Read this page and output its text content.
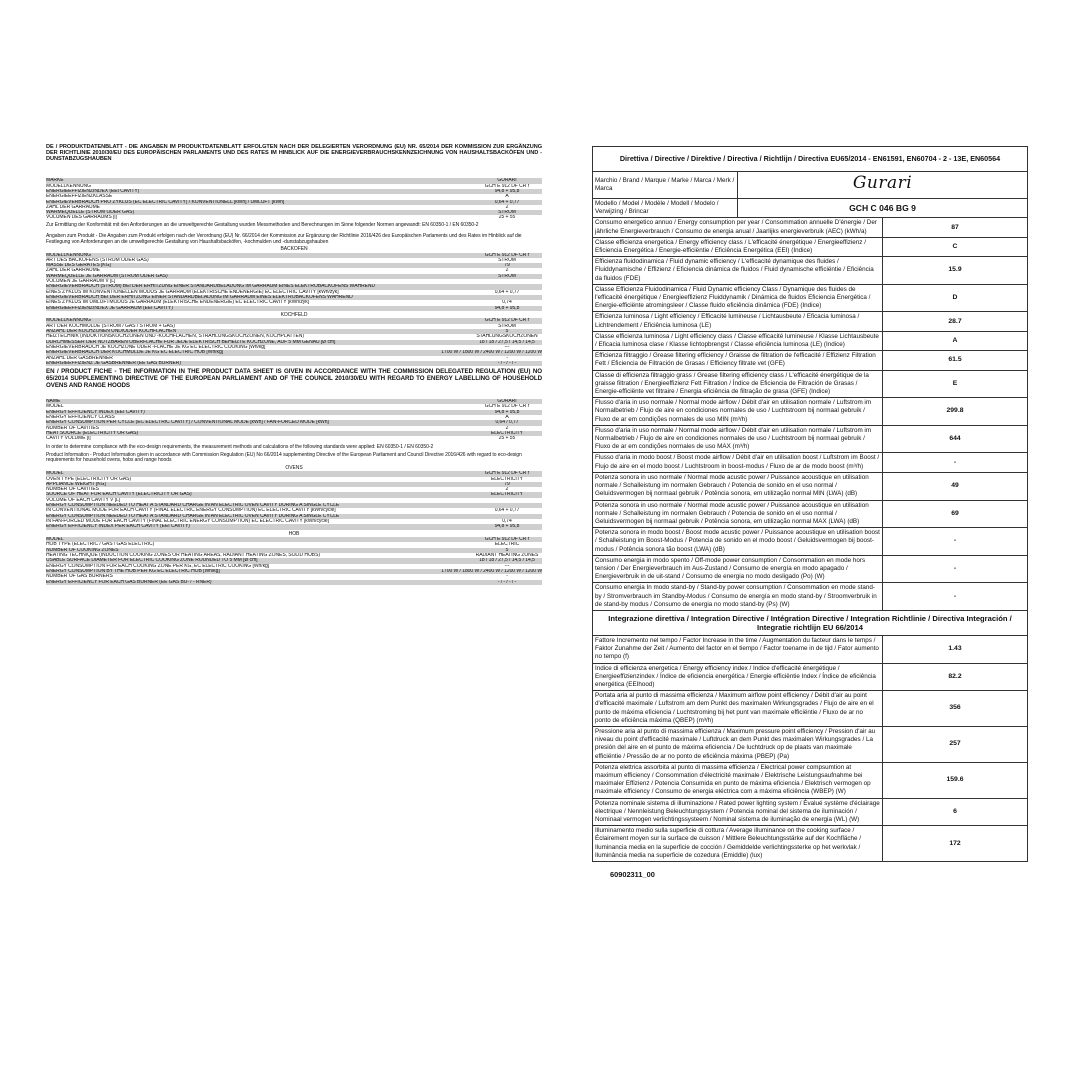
DE / PRODUKTDATENBLATT - DIE ANGABEN IM PRODUKTDATENBLATT ERFOLGTEN NACH DER DELEGIERTEN VERORDNUNG (EU) NR. 65/2014 DER KOMMISSION ZUR ERGÄNZUNG DER RICHTLINIE 2010/30/EU DES EUROPÄISCHEN PARLAMENTS UND DES RATES IM HINBLICK AUF DIE ENERGIEVERBRAUCHSKENNZEICHNUNG VON HAUSHALTSBACKÖFEN UND -DUNSTABZUGSHAUBEN
MARKE	GURARI
MODELLKENNUNG	GCH E 912 DF CR r
ENERGIEEFFIZIENZINDEX (EEI CAVITY)	94,8 + 95,8
ENERGIEEFFIZIENZKLASSE	A
ENERGIEVERBRAUCH PRO ZYKLUS (EC ELECTRIC CAVITY) / KONVENTIONELL [kWh] / UMLUFT [kWh]	0,64 + 0,77
ZAHL DER GARRAUME	2
WÄRMEQUELLE (STROM ODER GAS)	STROM
VOLUMEN DES GARRAUMS [l]	25 + 55
Zur Ermittlung der Konformität mit den Anforderungen an die umweltgerechte Gestaltung wurden Messmethoden und Berechnungen im Sinne folgender Normen angewandt: EN 60350-1 / EN 60350-2
Angaben zum Produkt - Die Angaben zum Produkt erfolgen nach der Verordnung (EU) Nr. 66/2014 der Kommission zur Ergänzung der Richtlinie 2016/426 des Europäischen Parlaments und des Rates im Hinblick auf die Festlegung von Anforderungen an die umweltgerechte Gestaltung von Haushaltsbacköfen, -kochmulden und -dunstabzugshauben
BACKOFEN
MODELLKENNUNG	GCH E 912 DF CR r
ART DES BACKOFENS (STROM ODER GAS)	STROM
MASSE DES GERÄTES [KG]	79
ZAHL DER GARRÄUME	2
WÄRMEQUELLE JE GARRAUM (STROM ODER GAS)	STROM
VOLUMEN JE GARRAUM V [L]
ENERGIEVERBRAUCH (STROM) BEI DER ERHITZUNG EINER STANDARDBELADUNG IM GARRAUM EINES ELEKTROBACKOFENS WÄHREND
EINES ZYKLUS IM KONVENTIONELLEN MODUS JE GARRAUM (ELEKTRISCHE ENDENERGIE) EC ELECTRIC CAVITY [kWh/zyk]	0,64 + 0,77
ENERGIEVERBRAUCH BEI DER ERHITZUNG EINER STANDARDBELADUNG IM GARRAUM EINES ELEKTROBACKOFENS WÄHREND
EINES ZYKLUS IM UMLUFTMODUS JE GARRAUM (ELEKTRISCHE ENDENERGIE) EC ELECTRIC CAVITY [kWh/zyk]	0,74
ENERGIEEFFIZIENZINDEX JE GARRAUM (EEI CAVITY)	94,8 + 95,8
KOCHFELD
MODELLKENNUNG	GCH E 912 DF CR r
ART DER KOCHMULDE (STROM / GAS / STROM + GAS)	STROM
ANZAHL DER KOCHZONEN UND/ODER KOCHFLÄCHEN	5
HEIZTECHNIK (INDUKTIONSKOCHZONEN UND -KOCHFLÄCHEN, STRAHLUNGSKOCHZONEN, KOCHPLATTEN)	STAHLUNGSKOCHZONEN
DURCHMESSER DER NUTZBAREN OBERFLÄCHE FÜR JEDE ELEKTRISCH BEHEIZTE KOCHZONE, AUF 5 MM GENAU [Ø cm]	18 / 18 / 27,5 / 14,5 / 14,5
ENERGIEVERBRAUCH JE KOCHZONE ODER -FLÄCHE JE KG EC ELECTRIC COOKING [Wh/kg]	---
ENERGIEVERBRAUCH DER KOCHMULDE JE KG EC ELECTRIC HOB [Wh/kg]	1700 W / 1800 W / 2400 W / 1200 W / 1200 W
ANZAHL DER GASBRENNER	-
ENERGIEEFFIZIENZ JE GASBRENNER (EE GAS BURNER)	- / - / - / -
EN / PRODUCT FICHE - THE INFORMATION IN THE PRODUCT DATA SHEET IS GIVEN IN ACCORDANCE WITH THE COMMISSION DELEGATED REGULATION (EU) NO 65/2014 SUPPLEMENTING DIRECTIVE OF THE EUROPEAN PARLIAMENT AND OF THE COUNCIL 2010/30/EU WITH REGARD TO ENERGY LABELLING OF HOUSEHOLD OVENS AND RANGE HOODS
NAME	GURARI
MODEL	GCH E 912 DF CR r
ENERGY EFFICIENCY INDEX (EEI CAVITY)	94,8 + 95,8
ENERGY EFFICIENCY CLASS	A
ENERGY CONSUMPTION PER CYCLE (EC ELECTRIC CAVITY) / CONVENTIONAL MODE [kWh] / FAN-FORCED MODE [kWh]	0,64 / 0,77
NUMBER OF CAVITIES	2
HEAT SOURCE (ELECTRICITY OR GAS)	ELECTRICITY
CAVITY VOLUME [l]	25 + 55
In order to determine compliance with the eco-design requirements, the measurement methods and calculations of the following standards were applied: EN 60350-1 / EN 60350-2
Product Information - Product Information given in accordance with Commission Regulation (EU) No 66/2014 supplementing Directive of the European Parliament and Council Directive 2016/426 with regard to eco-design requirements for household ovens, hobs and range hoods
OVENS
MODEL	GCH E 912 DF CR r
OVEN TYPE (ELECTRICITY OR GAS)	ELECTRICITY
APPLIANCE WEIGHT [KG]	79
NUMBER OF CAVITIES	2
SOURCE OF HEAT FOR EACH CAVITY (ELECTRICITY OR GAS)	ELECTRICITY
VOLUME OF EACH CAVITY V [L]
ENERGY CONSUMPTION NEEDED TO HEAT A STANDARD CHARGE IN AN ELECTRIC OVEN CAVITY DURING A SINGLE CYCLE
IN CONVENTIONAL MODE FOR EACH CAVITY (FINAL ELECTRIC ENERGY CONSUMPTION) EC ELECTRIC CAVITY [kWh/cycle]	0,64 + 0,77
ENERGY CONSUMPTION NEEDED TO HEAT A STANDARD CHARGE IN AN ELECTRIC OVEN CAVITY DURING A SINGLE CYCLE
IN FAN-FORCED MODE FOR EACH CAVITY (FINAL ELECTRIC ENERGY CONSUMPTION) EC ELECTRIC CAVITY [kWh/cycle]	0,74
ENERGY EFFICIENCY INDEX PER EACH CAVITY (EEI CAVITY)	94,8 + 95,8
HOB
MODEL	GCH E 912 DF CR r
HOB TYPE (ELECTRIC / GAS / GAS ELECTRIC)	ELECTRIC
NUMBER OF COOKING ZONES	5
HEATING TECHNIQUE (INDUCTION COOKING ZONES OR HEATING AREAS, RADIANT HEATING ZONES, SOLID HOBS)	RADIANT HEATING ZONES
USABLE SURFACE DIAMETER FOR ELECTRIC COOKING ZONE ROUNDED TO 5 MM [Ø cm]	18 / 18 / 27,5 / 14,5 / 14,5
ENERGY CONSUMPTION FOR EACH COOKING ZONE PER KG, EC ELECTRIC COOKING [Wh/kg]	---
ENERGY CONSUMPTION BY THE HOB PER KG EC ELECTRIC HOB [Wh/kg]	1700 W / 1800 W / 2400 W / 1200 W / 1200 W
NUMBER OF GAS BURNERS	-
ENERGY EFFICIENCY FOR EACH GAS BURNER (EE GAS BU- / - RNER)	- / - / - / -
Direttiva / Directive / Direktive / Directiva / Richtlijn / Directiva EU65/2014 - EN61591, EN60704 - 2 - 13E, EN60564		
Marchio / Brand / Marque / Marke / Marca / Merk / Marca	Gurari	
Modello / Model / Modèle / Modell / Modelo / Verwijzing / Brincar	GCH C 046 BG 9	
Consumo energetico annuo / Energy consumption per year / Consommation annuelle D'énergie / Der jährliche Energieverbrauch / Consumo de energia anual / Jaarlijks energieverbruik (AEC) (kWh/a)		87
Classe efficienza energetica / Energy efficiency class / L'efficacité énergétique / Energieeffizienz / Eficiencia Energética / Energie-efficiëntie / Eficiência Energética (EEI) (Indice)		C
Efficienza fluidodinamica / Fluid dynamic efficiency / L'efficacité dynamique des fluides / Fluiddynamische / Effizienz / Eficiencia dinámica de fluidos / Fluid dynamische efficiëntie / Eficiência da fluidos (FDE)		15.9
Classe Efficienza Fluidodinamica / Fluid Dynamic efficiency Class / Dynamique des fluides de l'efficacité énergétique / Energieeffizienz Fluiddynamik / Dinámica de fluidos Eficiencia Energética / Energie-efficiënte atromingsleer / Classe fluido eficiência dinâmica (FDE) (Indice)		D
Efficienza luminosa / Light efficiency / Efficacité lumineuse / Lichtausbeute / Eficacia luminosa / Lichtrendement / Eficiência luminosa (LE)		28.7
Classe efficienza luminosa / Light efficiency class / Classe efficacité lumineuse / Klasse Lichtausbeute / Eficacia luminosa clase / Klasse lichtopbrengst / Classe eficiência luminosa (LE) (Indice)		A
Efficienza filtraggio / Grease filtering efficiency / Graisse de filtration de l'efficacité / Effizienz Filtration Fett / Eficiencia de Filtración de Grasas / Efficiency filtrate vet (GFE)		61.5
Classe di efficienza filtraggio grass / Grease filtering efficiency class / L'efficacité énergétique de la graisse filtration / Energieeffizienz Fett Filtration / Índice de Eficiencia de Filtración de Grasas / Energie-efficiënte vet filtraire / Energia eficiência de filtração de grasa (GFE) (Indice)		E
Flusso d'aria in uso normale / Normal mode airflow / Débit d'air en utilisation normale / Luftstrom im Normalbetrieb / Flujo de aire en condiciones normales de uso / Luchtstroom bij normaal gebruik / Fluxo de ar em condições normales de uso MIN (m³/h)		299.8
Flusso d'aria in uso normale / Normal mode airflow / Débit d'air en utilisation normale / Luftstrom im Normalbetrieb / Flujo de aire en condiciones normales de uso / Luchtstroom bij normaal gebruik / Fluxo de ar em condições normales de uso MAX (m³/h)		644
Flusso d'aria in modo boost / Boost mode airflow / Débit d'air en utilisation boost / Luftstrom im Boost / Flujo de aire en el modo boost / Luchtstroom in boost-modus / Fluxo de ar de modo boost (m³/h)		-
Potenza sonora in uso normale / Normal mode acustic power / Puissance acoustique en utilisation normale / Schalleistung im normalen Gebrauch / Potencia de sonido en el uso normal / Geluidsvermogen bij normaal gebruik / Potência sonora, em utilização normal MIN (LWA) (dB)		49
Potenza sonora in uso normale / Normal mode acustic power / Puissance acoustique en utilisation normale / Schalleistung im normalen Gebrauch / Potencia de sonido en el uso normal / Geluidsvermogen bij normaal gebruik / Potência sonora, em utilização normal MAX (LWA) (dB)		69
Potenza sonora in modo boost / Boost mode acustic power / Puissance acoustique en utilisation boost / Schalleistung im Boost-Modus / Potencia de sonido en el modo boost / Geluidsvermogen bij boost-modus / Potência sonora tão boost (LWA) (dB)		-
Consumo energia in modo spento / Off-mode power consumption / Consommation en mode hors tension / Der Energieverbrauch im Aus-Zustand / Consumo de energía en modo apagado / Energieverbruik in de uit-stand / Consumo de energia no modo desligado (Po) (W)		-
Consumo energia In modo stand-by / Stand-by power consumption / Consommation en mode stand-by / Stromverbrauch im Standby-Modus / Consumo de energía en modo stand-by / Stroomverbruik in de stand-by modus / Consumo de energia no modo stand-by (Ps) (W)		-
Integrazione direttiva / Integration Directive / Intégration Directive / Integration Richtlinie / Directiva Integración / Integratie richtlijn EU 66/2014		
Fattore Incremento nel tempo / Factor Increase in the time / Augmentation du facteur dans le temps / Faktor Zunahme der Zeit / Aumento del factor en el tiempo / Factor toename in de tijd / Fator aumento no tempo (f)		1.43
Indice di efficienza energetica / Energy efficiency index / Indice d'efficacité énergétique / Energieeffizienzindex / Índice de eficiencia energética / Energie efficiëntie Index / Índice de eficiência energética (EEIhood)		82.2
Portata aria al punto di massima efficienza / Maximum airflow point efficiency / Débit d'air au point d'efficacité maximale / Luftstrom am dem Punkt des maximalen Wirkungsgrades / Flujo de aire en el punto de máxima eficiencia / Luchtstroming bij het punt van maximale efficiëntie / Fluxo de ar no ponto de eficiência máxima (QBEP) (m³/h)		356
Pressione aria al punto di massima efficienza / Maximum pressure point efficiency / Pression d'air au niveau du point d'efficacité maximale / Luftdruck an dem Punkt des maximalen Wirkungsgrades / La presión del aire en el punto de máxima eficiencia / De luchtdruck op de plaats van maximale efficiëntie / Pressão de ar no ponto de eficiência máxima (PBEP) (Pa)		257
Potenza elettrica assorbita al punto di massima efficienza / Electrical power compsumtion at maximum efficiency / Consommation d'électricité maximale / Elektrische Leistungsaufnahme bei maximaler Effizienz / Potencia Consumida en punto de máxima eficiencia / Elektrisch vermogen op maximale efficiency / Consumo de energia eléctrica com a máxima eficiência (WBEP) (W)		159.6
Potenza nominale sistema di illuminazione / Rated power lighting system / Évalué système d'éclairage électrique / Nennleistung Beleuchtungssystem / Potencia nominal del sistema de iluminación / Nominaal vermogen verlichtingssysteem / Nominal sistema de iluminação de energia (WL) (W)		6
Illuminamento medio sulla superficie di cottura / Average illuminance on the cooking surface / Éclairement moyen sur la surface de cuisson / Mittlere Beleuchtungsstärke auf der Kochfläche / Iluminancia media en la superficie de cocción / Gemiddelde verlichtingssterke op het werkvlak / Iluminância media na superficie de cozedura (Emiddle) (lux)		172
60902311_00
